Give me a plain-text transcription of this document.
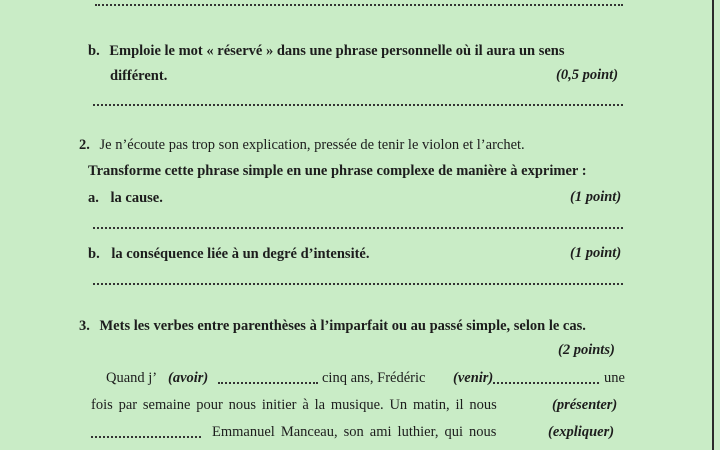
b. Emploie le mot « réservé » dans une phrase personnelle où il aura un sens
différent.	(0,5 point)
2. Je n’écoute pas trop son explication, pressée de tenir le violon et l’archet.
Transforme cette phrase simple en une phrase complexe de manière à exprimer :
a. la cause.	(1 point)
b. la conséquence liée à un degré d’intensité.	(1 point)
3. Mets les verbes entre parenthèses à l’imparfait ou au passé simple, selon le cas.
(2 points)
Quand j’ (avoir)	cinq ans, Frédéric (venir)	une
fois par semaine pour nous initier à la musique. Un matin, il nous	(présenter)
Emmanuel Manceau, son ami luthier, qui nous	(expliquer)
